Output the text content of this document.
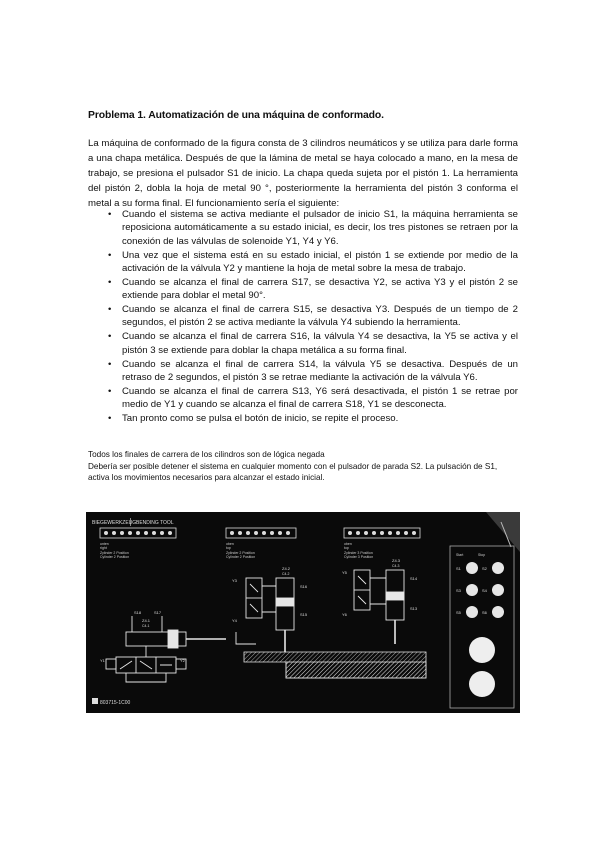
Problema 1. Automatización de una máquina de conformado.
La máquina de conformado de la figura consta de 3 cilindros neumáticos y se utiliza para darle forma a una chapa metálica. Después de que la lámina de metal se haya colocado a mano, en la mesa de trabajo, se presiona el pulsador S1 de inicio. La chapa queda sujeta por el pistón 1. La herramienta del pistón 2, dobla la hoja de metal 90 °, posteriormente la herramienta del pistón 3 conforma el metal a su forma final. El funcionamiento sería el siguiente:
• Cuando el sistema se activa mediante el pulsador de inicio S1, la máquina herramienta se reposiciona automáticamente a su estado inicial, es decir, los tres pistones se retraen por la conexión de las válvulas de solenoide Y1, Y4 y Y6.
• Una vez que el sistema está en su estado inicial, el pistón 1 se extiende por medio de la activación de la válvula Y2 y mantiene la hoja de metal sobre la mesa de trabajo.
• Cuando se alcanza el final de carrera S17, se desactiva Y2, se activa Y3 y el pistón 2 se extiende para doblar el metal 90°.
• Cuando se alcanza el final de carrera S15, se desactiva Y3. Después de un tiempo de 2 segundos, el pistón 2 se activa mediante la válvula Y4 subiendo la herramienta.
• Cuando se alcanza el final de carrera S16, la válvula Y4 se desactiva, la Y5 se activa y el pistón 3 se extiende para doblar la chapa metálica a su forma final.
• Cuando se alcanza el final de carrera S14, la válvula Y5 se desactiva. Después de un retraso de 2 segundos, el pistón 3 se retrae mediante la activación de la válvula Y6.
• Cuando se alcanza el final de carrera S13, Y6 será desactivada, el pistón 1 se retrae por medio de Y1 y cuando se alcanza el final de carrera S18, Y1 se desconecta.
• Tan pronto como se pulsa el botón de inicio, se repite el proceso.

Todos los finales de carrera de los cilindros son de lógica negada

Debería ser posible detener el sistema en cualquier momento con el pulsador de parada S2. La pulsación de S1, activa los movimientos necesarios para alcanzar el estado inicial.

BIEGEWERKZEUG BENDING TOOL
unten
right
Zylinder 2 Position
Cylinder 2 Position
oben
top
Zylinder 2 Position
Cylinder 2 Position
oben
top
Zylinder 3 Position
Cylinder 3 Position
S18	S17
Z4.1
C4.1
Y1	Y2
Z4.2
C4.2
S16
S15
Y3
Y4
Z4.3
C4.3
S14
S13
Y5
Y6
Start	Stop
S1	S2
S3	S4
S5	S6
803715-1C00
